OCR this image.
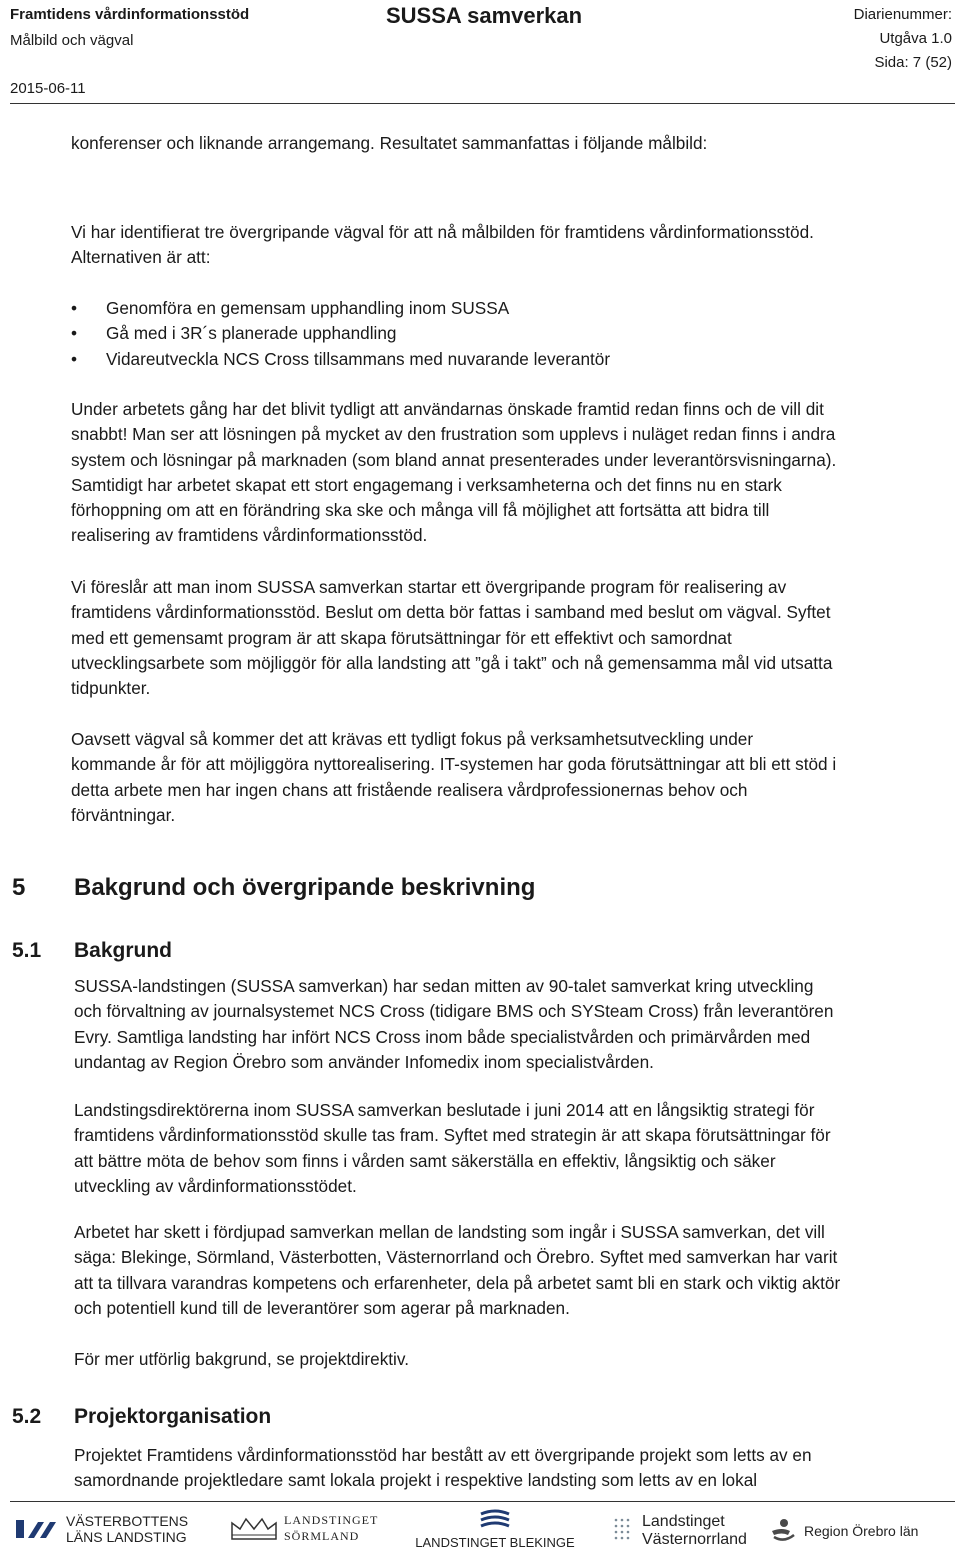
Framtidens vårdinformationsstöd
Målbild och vägval
2015-06-11
SUSSA samverkan	Diarienummer:
Utgåva 1.0
Sida: 7 (52)
konferenser och liknande arrangemang. Resultatet sammanfattas i följande målbild:

Vi har identifierat tre övergripande vägval för att nå målbilden för framtidens vårdinformationsstöd.

Alternativen är att:

• Genomföra en gemensam upphandling inom SUSSA
• Gå med i 3R´s planerade upphandling
• Vidareutveckla NCS Cross tillsammans med nuvarande leverantör

Under arbetets gång har det blivit tydligt att användarnas önskade framtid redan finns och de vill dit

snabbt! Man ser att lösningen på mycket av den frustration som upplevs i nuläget redan finns i andra

system och lösningar på marknaden (som bland annat presenterades under leverantörsvisningarna).

Samtidigt har arbetet skapat ett stort engagemang i verksamheterna och det finns nu en stark

förhoppning om att en förändring ska ske och många vill få möjlighet att fortsätta att bidra till

realisering av framtidens vårdinformationsstöd.

Vi föreslår att man inom SUSSA samverkan startar ett övergripande program för realisering av

framtidens vårdinformationsstöd. Beslut om detta bör fattas i samband med beslut om vägval. Syftet

med ett gemensamt program är att skapa förutsättningar för ett effektivt och samordnat

utvecklingsarbete som möjliggör för alla landsting att ”gå i takt” och nå gemensamma mål vid utsatta

tidpunkter.

Oavsett vägval så kommer det att krävas ett tydligt fokus på verksamhetsutveckling under

kommande år för att möjliggöra nyttorealisering. IT-systemen har goda förutsättningar att bli ett stöd i

detta arbete men har ingen chans att fristående realisera vårdprofessionernas behov och

förväntningar.

5 Bakgrund och övergripande beskrivning
5.1 Bakgrund

SUSSA-landstingen (SUSSA samverkan) har sedan mitten av 90-talet samverkat kring utveckling

och förvaltning av journalsystemet NCS Cross (tidigare BMS och SYSteam Cross) från leverantören

Evry. Samtliga landsting har infört NCS Cross inom både specialistvården och primärvården med

undantag av Region Örebro som använder Infomedix inom specialistvården.

Landstingsdirektörerna inom SUSSA samverkan beslutade i juni 2014 att en långsiktig strategi för

framtidens vårdinformationsstöd skulle tas fram. Syftet med strategin är att skapa förutsättningar för

att bättre möta de behov som finns i vården samt säkerställa en effektiv, långsiktig och säker

utveckling av vårdinformationsstödet.

Arbetet har skett i fördjupad samverkan mellan de landsting som ingår i SUSSA samverkan, det vill

säga: Blekinge, Sörmland, Västerbotten, Västernorrland och Örebro. Syftet med samverkan har varit

att ta tillvara varandras kompetens och erfarenheter, dela på arbetet samt bli en stark och viktig aktör

och potentiell kund till de leverantörer som agerar på marknaden.

För mer utförlig bakgrund, se projektdirektiv.
5.2 Projektorganisation

Projektet Framtidens vårdinformationsstöd har bestått av ett övergripande projekt som letts av en

samordnande projektledare samt lokala projekt i respektive landsting som letts av en lokal

VÄSTERBOTTENS
LÄNS LANDSTING
LANDSTINGET
SÖRMLAND	LANDSTINGET BLEKINGE
Landstinget
Västernorrland	Region Örebro län
